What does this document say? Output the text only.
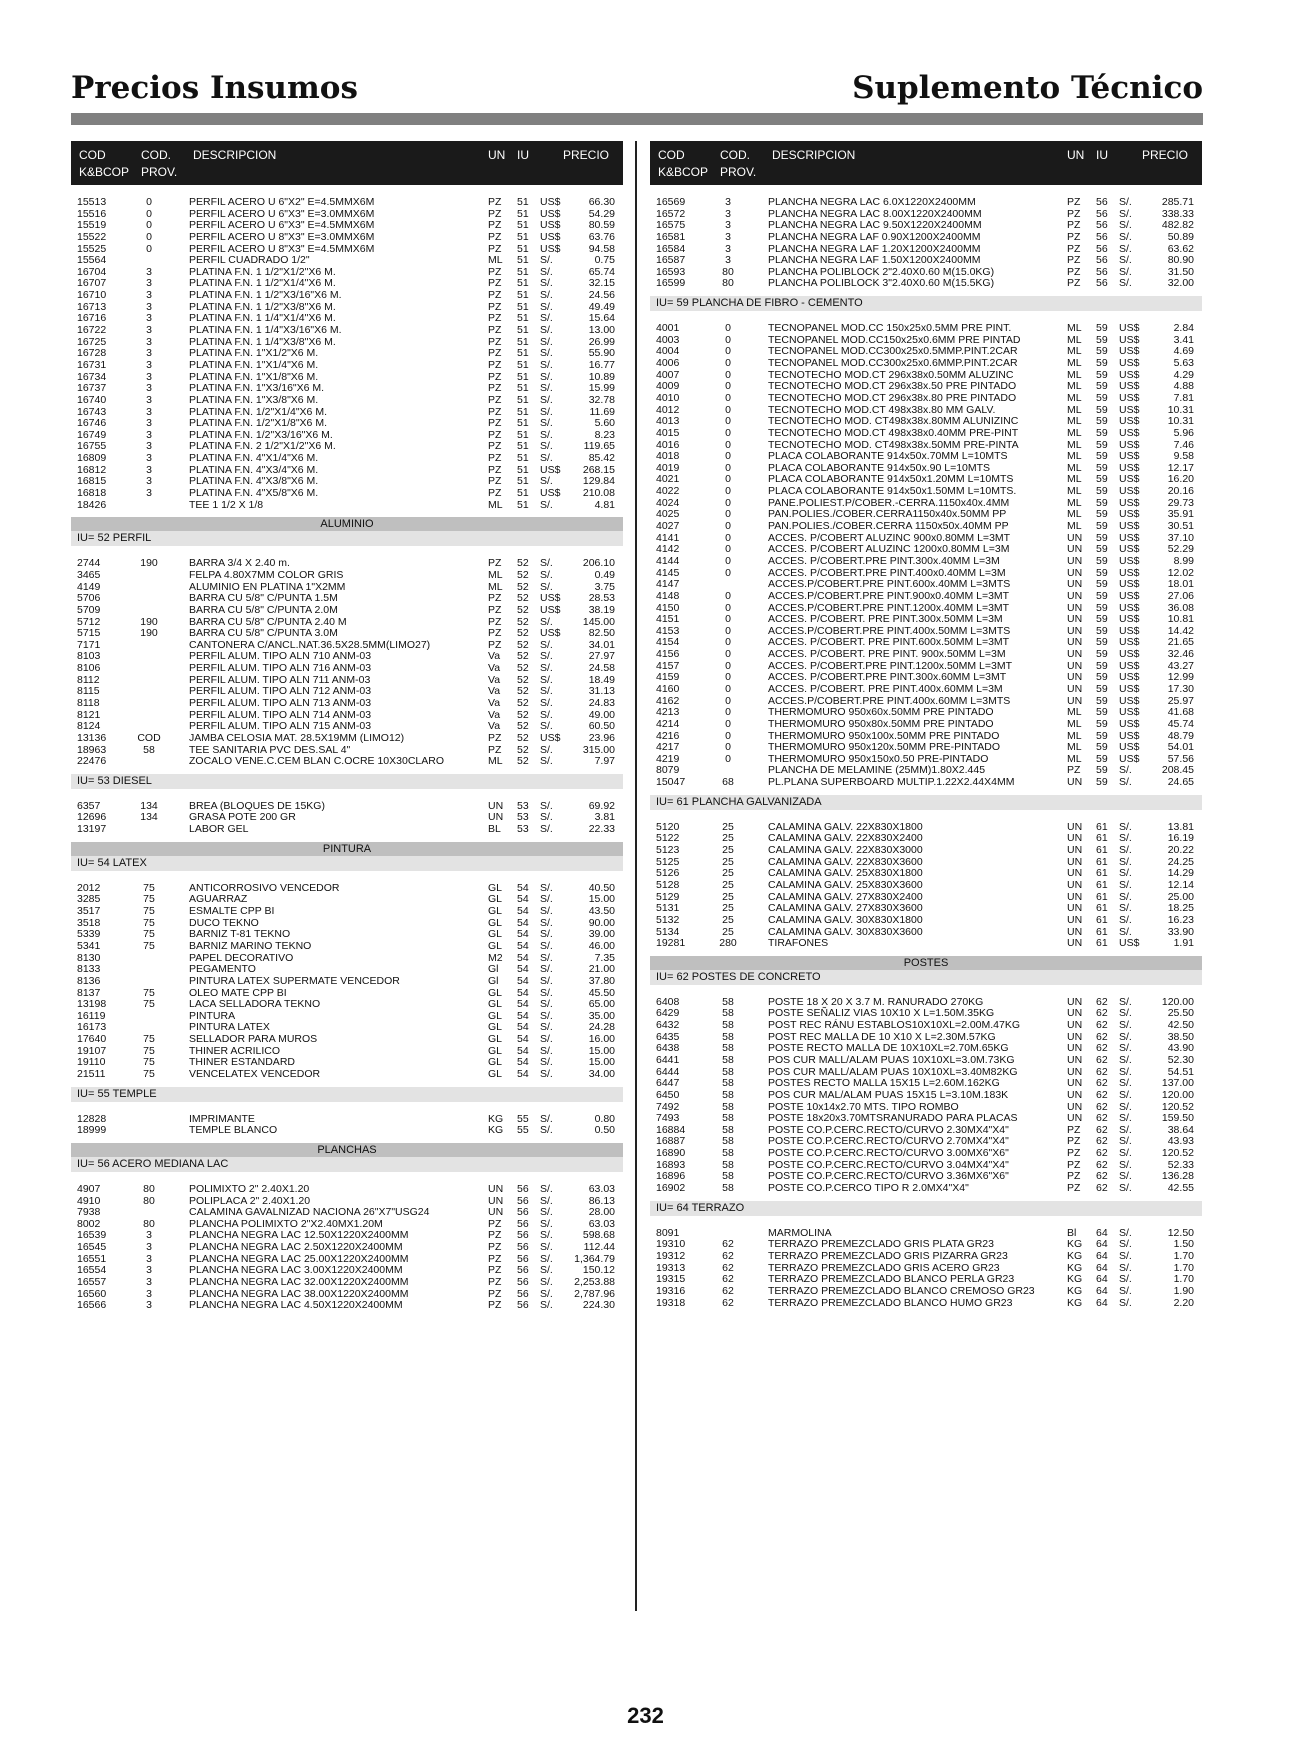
Precios Insumos	Suplemento Técnico
COD
K&BCOP
COD.
PROV.
DESCRIPCION	UN IU	PRECIO
15513	0	PERFIL ACERO U 6"X2" E=4.5MMX6M	PZ 51 US$	66.30
15516	0	PERFIL ACERO U 6"X3" E=3.0MMX6M	PZ 51 US$	54.29
15519	0	PERFIL ACERO U 6"X3" E=4.5MMX6M	PZ 51 US$	80.59
15522	0	PERFIL ACERO U 8"X3" E=3.0MMX6M	PZ 51 US$	63.76
15525	0	PERFIL ACERO U 8"X3" E=4.5MMX6M	PZ 51 US$	94.58
15564	PERFIL CUADRADO 1/2"	ML 51 S/.	0.75
16704	3	PLATINA F.N. 1 1/2"X1/2"X6 M.	PZ 51 S/.	65.74
16707	3	PLATINA F.N. 1 1/2"X1/4"X6 M.	PZ 51 S/.	32.15
16710	3	PLATINA F.N. 1 1/2"X3/16"X6 M.	PZ 51 S/.	24.56
16713	3	PLATINA F.N. 1 1/2"X3/8"X6 M.	PZ 51 S/.	49.49
16716	3	PLATINA F.N. 1 1/4"X1/4"X6 M.	PZ 51 S/.	15.64
16722	3	PLATINA F.N. 1 1/4"X3/16"X6 M.	PZ 51 S/.	13.00
16725	3	PLATINA F.N. 1 1/4"X3/8"X6 M.	PZ 51 S/.	26.99
16728	3	PLATINA F.N. 1"X1/2"X6 M.	PZ 51 S/.	55.90
16731	3	PLATINA F.N. 1"X1/4"X6 M.	PZ 51 S/.	16.77
16734	3	PLATINA F.N. 1"X1/8"X6 M.	PZ 51 S/.	10.89
16737	3	PLATINA F.N. 1"X3/16"X6 M.	PZ 51 S/.	15.99
16740	3	PLATINA F.N. 1"X3/8"X6 M.	PZ 51 S/.	32.78
16743	3	PLATINA F.N. 1/2"X1/4"X6 M.	PZ 51 S/.	11.69
16746	3	PLATINA F.N. 1/2"X1/8"X6 M.	PZ 51 S/.	5.60
16749	3	PLATINA F.N. 1/2"X3/16"X6 M.	PZ 51 S/.	8.23
16755	3	PLATINA F.N. 2 1/2"X1/2"X6 M.	PZ 51 S/.	119.65
16809	3	PLATINA F.N. 4"X1/4"X6 M.	PZ 51 S/.	85.42
16812	3	PLATINA F.N. 4"X3/4"X6 M.	PZ 51 US$ 268.15
16815	3	PLATINA F.N. 4"X3/8"X6 M.	PZ 51 S/.	129.84
16818	3	PLATINA F.N. 4"X5/8"X6 M.	PZ 51 US$ 210.08
18426	TEE 1 1/2 X 1/8	ML 51 S/.	4.81
ALUMINIO
IU= 52 PERFIL
2744	190	BARRA 3/4 X 2.40 m.	PZ 52 S/.	206.10
3465	FELPA 4.80X7MM COLOR GRIS	ML 52 S/.	0.49
4149	ALUMINIO EN PLATINA 1"X2MM	ML 52 S/.	3.75
5706	BARRA CU 5/8" C/PUNTA 1.5M	PZ 52 US$	28.53
5709	BARRA CU 5/8" C/PUNTA 2.0M	PZ 52 US$	38.19
5712	190	BARRA CU 5/8" C/PUNTA 2.40 M	PZ 52 S/.	145.00
5715	190	BARRA CU 5/8" C/PUNTA 3.0M	PZ 52 US$	82.50
7171	CANTONERA C/ANCL.NAT.36.5X28.5MM(LIMO27)	PZ 52 S/.	34.01
8103	PERFIL ALUM. TIPO ALN 710 ANM-03	Va 52 S/.	27.97
8106	PERFIL ALUM. TIPO ALN 716 ANM-03	Va 52 S/.	24.58
8112	PERFIL ALUM. TIPO ALN 711 ANM-03	Va 52 S/.	18.49
8115	PERFIL ALUM. TIPO ALN 712 ANM-03	Va 52 S/.	31.13
8118	PERFIL ALUM. TIPO ALN 713 ANM-03	Va 52 S/.	24.83
8121	PERFIL ALUM. TIPO ALN 714 ANM-03	Va 52 S/.	49.00
8124	PERFIL ALUM. TIPO ALN 715 ANM-03	Va 52 S/.	60.50
13136	COD	JAMBA CELOSIA MAT. 28.5X19MM (LIMO12)	PZ 52 US$	23.96
18963	58	TEE SANITARIA PVC DES.SAL 4"	PZ 52 S/.	315.00
22476	ZOCALO VENE.C.CEM BLAN C.OCRE 10X30CLARO	ML 52 S/.	7.97
IU= 53 DIESEL
6357	134	BREA (BLOQUES DE 15KG)	UN 53 S/.	69.92
12696	134	GRASA POTE 200 GR	UN 53 S/.	3.81
13197	LABOR GEL	BL 53 S/.	22.33
PINTURA
IU= 54 LATEX
2012	75	ANTICORROSIVO VENCEDOR	GL 54 S/.	40.50
3285	75	AGUARRAZ	GL 54 S/.	15.00
3517	75	ESMALTE CPP BI	GL 54 S/.	43.50
3518	75	DUCO TEKNO	GL 54 S/.	90.00
5339	75	BARNIZ T-81 TEKNO	GL 54 S/.	39.00
5341	75	BARNIZ MARINO TEKNO	GL 54 S/.	46.00
8130	PAPEL DECORATIVO	M2 54 S/.	7.35
8133	PEGAMENTO	Gl 54 S/.	21.00
8136	PINTURA LATEX SUPERMATE VENCEDOR	Gl 54 S/.	37.80
8137	75	OLEO MATE CPP BI	GL 54 S/.	45.50
13198	75	LACA SELLADORA TEKNO	GL 54 S/.	65.00
16119	PINTURA	GL 54 S/.	35.00
16173	PINTURA LATEX	GL 54 S/.	24.28
17640	75	SELLADOR PARA MUROS	GL 54 S/.	16.00
19107	75	THINER ACRILICO	GL 54 S/.	15.00
19110	75	THINER ESTANDARD	GL 54 S/.	15.00
21511	75	VENCELATEX VENCEDOR	GL 54 S/.	34.00
IU= 55 TEMPLE
12828	IMPRIMANTE	KG 55 S/.	0.80
18999	TEMPLE BLANCO	KG 55 S/.	0.50
PLANCHAS
IU= 56 ACERO MEDIANA LAC
4907	80	POLIMIXTO 2" 2.40X1.20	UN 56 S/.	63.03
4910	80	POLIPLACA 2" 2.40X1.20	UN 56 S/.	86.13
7938	CALAMINA GAVALNIZAD NACIONA 26"X7"USG24	UN 56 S/.	28.00
8002	80	PLANCHA POLIMIXTO 2"X2.40MX1.20M	PZ 56 S/.	63.03
16539	3	PLANCHA NEGRA LAC 12.50X1220X2400MM	PZ 56 S/.	598.68
16545	3	PLANCHA NEGRA LAC 2.50X1220X2400MM	PZ 56 S/.	112.44
16551	3	PLANCHA NEGRA LAC 25.00X1220X2400MM	PZ 56 S/. 1,364.79
16554	3	PLANCHA NEGRA LAC 3.00X1220X2400MM	PZ 56 S/.	150.12
16557	3	PLANCHA NEGRA LAC 32.00X1220X2400MM	PZ 56 S/. 2,253.88
16560	3	PLANCHA NEGRA LAC 38.00X1220X2400MM	PZ 56 S/. 2,787.96
16566	3	PLANCHA NEGRA LAC 4.50X1220X2400MM	PZ 56 S/.	224.30
COD
K&BCOP
COD.
PROV.
DESCRIPCION	UN IU	PRECIO
16569	3	PLANCHA NEGRA LAC 6.0X1220X2400MM	PZ 56 S/.	285.71
16572	3	PLANCHA NEGRA LAC 8.00X1220X2400MM	PZ 56 S/.	338.33
16575	3	PLANCHA NEGRA LAC 9.50X1220X2400MM	PZ 56 S/.	482.82
16581	3	PLANCHA NEGRA LAF 0.90X1200X2400MM	PZ 56 S/.	50.89
16584	3	PLANCHA NEGRA LAF 1.20X1200X2400MM	PZ 56 S/.	63.62
16587	3	PLANCHA NEGRA LAF 1.50X1200X2400MM	PZ 56 S/.	80.90
16593	80	PLANCHA POLIBLOCK 2"2.40X0.60 M(15.0KG)	PZ 56 S/.	31.50
16599	80	PLANCHA POLIBLOCK 3"2.40X0.60 M(15.5KG)	PZ 56 S/.	32.00
IU= 59 PLANCHA DE FIBRO - CEMENTO
4001	0	TECNOPANEL MOD.CC 150x25x0.5MM PRE PINT.	ML 59 US$	2.84
4003	0	TECNOPANEL MOD.CC150x25x0.6MM PRE PINTAD	ML 59 US$	3.41
4004	0	TECNOPANEL MOD.CC300x25x0.5MMP.PINT.2CAR	ML 59 US$	4.69
4006	0	TECNOPANEL MOD.CC300x25x0.6MMP.PINT.2CAR	ML 59 US$	5.63
4007	0	TECNOTECHO MOD.CT 296x38x0.50MM ALUZINC	ML 59 US$	4.29
4009	0	TECNOTECHO MOD.CT 296x38x.50 PRE PINTADO	ML 59 US$	4.88
4010	0	TECNOTECHO MOD.CT 296x38x.80 PRE PINTADO	ML 59 US$	7.81
4012	0	TECNOTECHO MOD.CT 498x38x.80 MM GALV.	ML 59 US$	10.31
4013	0	TECNOTECHO MOD. CT498x38x.80MM ALUNIZINC	ML 59 US$	10.31
4015	0	TECNOTECHO MOD.CT 498x38x0.40MM PRE-PINT	ML 59 US$	5.96
4016	0	TECNOTECHO MOD. CT498x38x.50MM PRE-PINTA	ML 59 US$	7.46
4018	0	PLACA COLABORANTE 914x50x.70MM L=10MTS	ML 59 US$	9.58
4019	0	PLACA COLABORANTE 914x50x.90 L=10MTS	ML 59 US$	12.17
4021	0	PLACA COLABORANTE 914x50x1.20MM L=10MTS	ML 59 US$	16.20
4022	0	PLACA COLABORANTE 914x50x1.50MM L=10MTS.	ML 59 US$	20.16
4024	0	PANE.POLIEST.P/COBER.-CERRA.1150x40x.4MM	ML 59 US$	29.73
4025	0	PAN.POLIES./COBER.CERRA1150x40x.50MM PP	ML 59 US$	35.91
4027	0	PAN.POLIES./COBER.CERRA 1150x50x.40MM PP	ML 59 US$	30.51
4141	0	ACCES. P/COBERT ALUZINC 900x0.80MM L=3MT	UN 59 US$	37.10
4142	0	ACCES. P/COBERT ALUZINC 1200x0.80MM L=3M	UN 59 US$	52.29
4144	0	ACCES. P/COBERT.PRE PINT.300x.40MM L=3M	UN 59 US$	8.99
4145	0	ACCES. P/COBERT.PRE PINT.400x0.40MM L=3M	UN 59 US$	12.02
4147	ACCES.P/COBERT.PRE PINT.600x.40MM L=3MTS	UN 59 US$	18.01
4148	0	ACCES.P/COBERT.PRE PINT.900x0.40MM L=3MT	UN 59 US$	27.06
4150	0	ACCES.P/COBERT.PRE PINT.1200x.40MM L=3MT	UN 59 US$	36.08
4151	0	ACCES. P/COBERT. PRE PINT.300x.50MM L=3M	UN 59 US$	10.81
4153	0	ACCES.P/COBERT.PRE PINT.400x.50MM L=3MTS	UN 59 US$	14.42
4154	0	ACCES. P/COBERT. PRE PINT.600x.50MM L=3MT	UN 59 US$	21.65
4156	0	ACCES. P/COBERT. PRE PINT. 900x.50MM L=3M	UN 59 US$	32.46
4157	0	ACCES. P/COBERT.PRE PINT.1200x.50MM L=3MT	UN 59 US$	43.27
4159	0	ACCES. P/COBERT.PRE PINT.300x.60MM L=3MT	UN 59 US$	12.99
4160	0	ACCES. P/COBERT. PRE PINT.400x.60MM L=3M	UN 59 US$	17.30
4162	0	ACCES.P/COBERT.PRE PINT.400x.60MM L=3MTS	UN 59 US$	25.97
4213	0	THERMOMURO 950x60x.50MM PRE PINTADO	ML 59 US$	41.68
4214	0	THERMOMURO 950x80x.50MM PRE PINTADO	ML 59 US$	45.74
4216	0	THERMOMURO 950x100x.50MM PRE PINTADO	ML 59 US$	48.79
4217	0	THERMOMURO 950x120x.50MM PRE-PINTADO	ML 59 US$	54.01
4219	0	THERMOMURO 950x150x0.50 PRE-PINTADO	ML 59 US$	57.56
8079	PLANCHA DE MELAMINE (25MM)1.80X2.445	PZ 59 S/.	208.45
15047	68	PL.PLANA SUPERBOARD MULTIP.1.22X2.44X4MM	UN 59 S/.	24.65
IU= 61 PLANCHA GALVANIZADA
5120	25	CALAMINA GALV. 22X830X1800	UN 61 S/.	13.81
5122	25	CALAMINA GALV. 22X830X2400	UN 61 S/.	16.19
5123	25	CALAMINA GALV. 22X830X3000	UN 61 S/.	20.22
5125	25	CALAMINA GALV. 22X830X3600	UN 61 S/.	24.25
5126	25	CALAMINA GALV. 25X830X1800	UN 61 S/.	14.29
5128	25	CALAMINA GALV. 25X830X3600	UN 61 S/.	12.14
5129	25	CALAMINA GALV. 27X830X2400	UN 61 S/.	25.00
5131	25	CALAMINA GALV. 27X830X3600	UN 61 S/.	18.25
5132	25	CALAMINA GALV. 30X830X1800	UN 61 S/.	16.23
5134	25	CALAMINA GALV. 30X830X3600	UN 61 S/.	33.90
19281	280	TIRAFONES	UN 61 US$	1.91
POSTES
IU= 62 POSTES DE CONCRETO
6408	58	POSTE 18 X 20 X 3.7 M. RANURADO 270KG	UN 62 S/.	120.00
6429	58	POSTE SEÑALIZ VIAS 10X10 X L=1.50M.35KG	UN 62 S/.	25.50
6432	58	POST REC RÁNU ESTABLOS10X10XL=2.00M.47KG	UN 62 S/.	42.50
6435	58	POST REC MALLA DE 10 X10 X L=2.30M.57KG	UN 62 S/.	38.50
6438	58	POSTE RECTO MALLA DE 10X10XL=2.70M.65KG	UN 62 S/.	43.90
6441	58	POS CUR MALL/ALAM PUAS 10X10XL=3.0M.73KG	UN 62 S/.	52.30
6444	58	POS CUR MALL/ALAM PUAS 10X10XL=3.40M82KG	UN 62 S/.	54.51
6447	58	POSTES RECTO MALLA 15X15 L=2.60M.162KG	UN 62 S/.	137.00
6450	58	POS CUR MAL/ALAM PUAS 15X15 L=3.10M.183K	UN 62 S/.	120.00
7492	58	POSTE 10x14x2.70 MTS. TIPO ROMBO	UN 62 S/.	120.52
7493	58	POSTE 18x20x3.70MTSRANURADO PARA PLACAS	UN 62 S/.	159.50
16884	58	POSTE CO.P.CERC.RECTO/CURVO 2.30MX4"X4"	PZ 62 S/.	38.64
16887	58	POSTE CO.P.CERC.RECTO/CURVO 2.70MX4"X4"	PZ 62 S/.	43.93
16890	58	POSTE CO.P.CERC.RECTO/CURVO 3.00MX6"X6"	PZ 62 S/.	120.52
16893	58	POSTE CO.P.CERC.RECTO/CURVO 3.04MX4"X4"	PZ 62 S/.	52.33
16896	58	POSTE CO.P.CERC.RECTO/CURVO 3.36MX6"X6"	PZ 62 S/.	136.28
16902	58	POSTE CO.P.CERCO TIPO R 2.0MX4"X4"	PZ 62 S/.	42.55
IU= 64 TERRAZO
8091	MARMOLINA	Bl 64 S/.	12.50
19310	62	TERRAZO PREMEZCLADO GRIS PLATA GR23	KG 64 S/.	1.50
19312	62	TERRAZO PREMEZCLADO GRIS PIZARRA GR23	KG 64 S/.	1.70
19313	62	TERRAZO PREMEZCLADO GRIS ACERO GR23	KG 64 S/.	1.70
19315	62	TERRAZO PREMEZCLADO BLANCO PERLA GR23	KG 64 S/.	1.70
19316	62	TERRAZO PREMEZCLADO BLANCO CREMOSO GR23	KG 64 S/.	1.90
19318	62	TERRAZO PREMEZCLADO BLANCO HUMO GR23	KG 64 S/.	2.20
232
